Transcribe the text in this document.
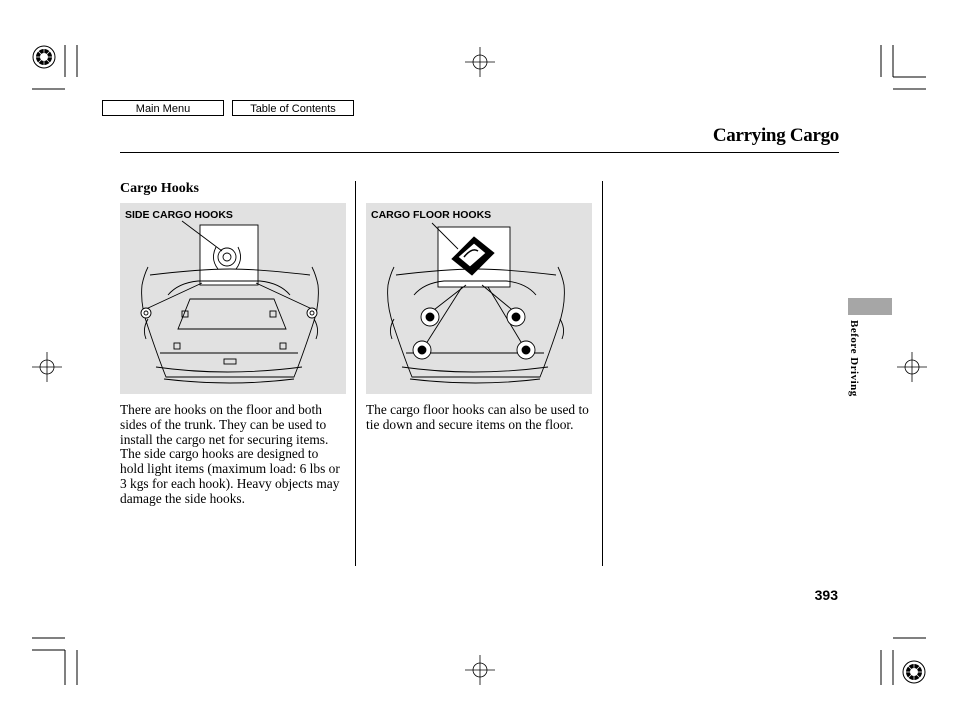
Main Menu	Table of Contents
Carrying Cargo
Cargo Hooks
SIDE CARGO HOOKS	CARGO FLOOR HOOKS
There are hooks on the floor and both sides of the trunk. They can be used to install the cargo net for securing items. The side cargo hooks are designed to hold light items (maximum load: 6 lbs or 3 kgs for each hook). Heavy objects may damage the side hooks.
The cargo floor hooks can also be used to tie down and secure items on the floor.
Before Driving
393
